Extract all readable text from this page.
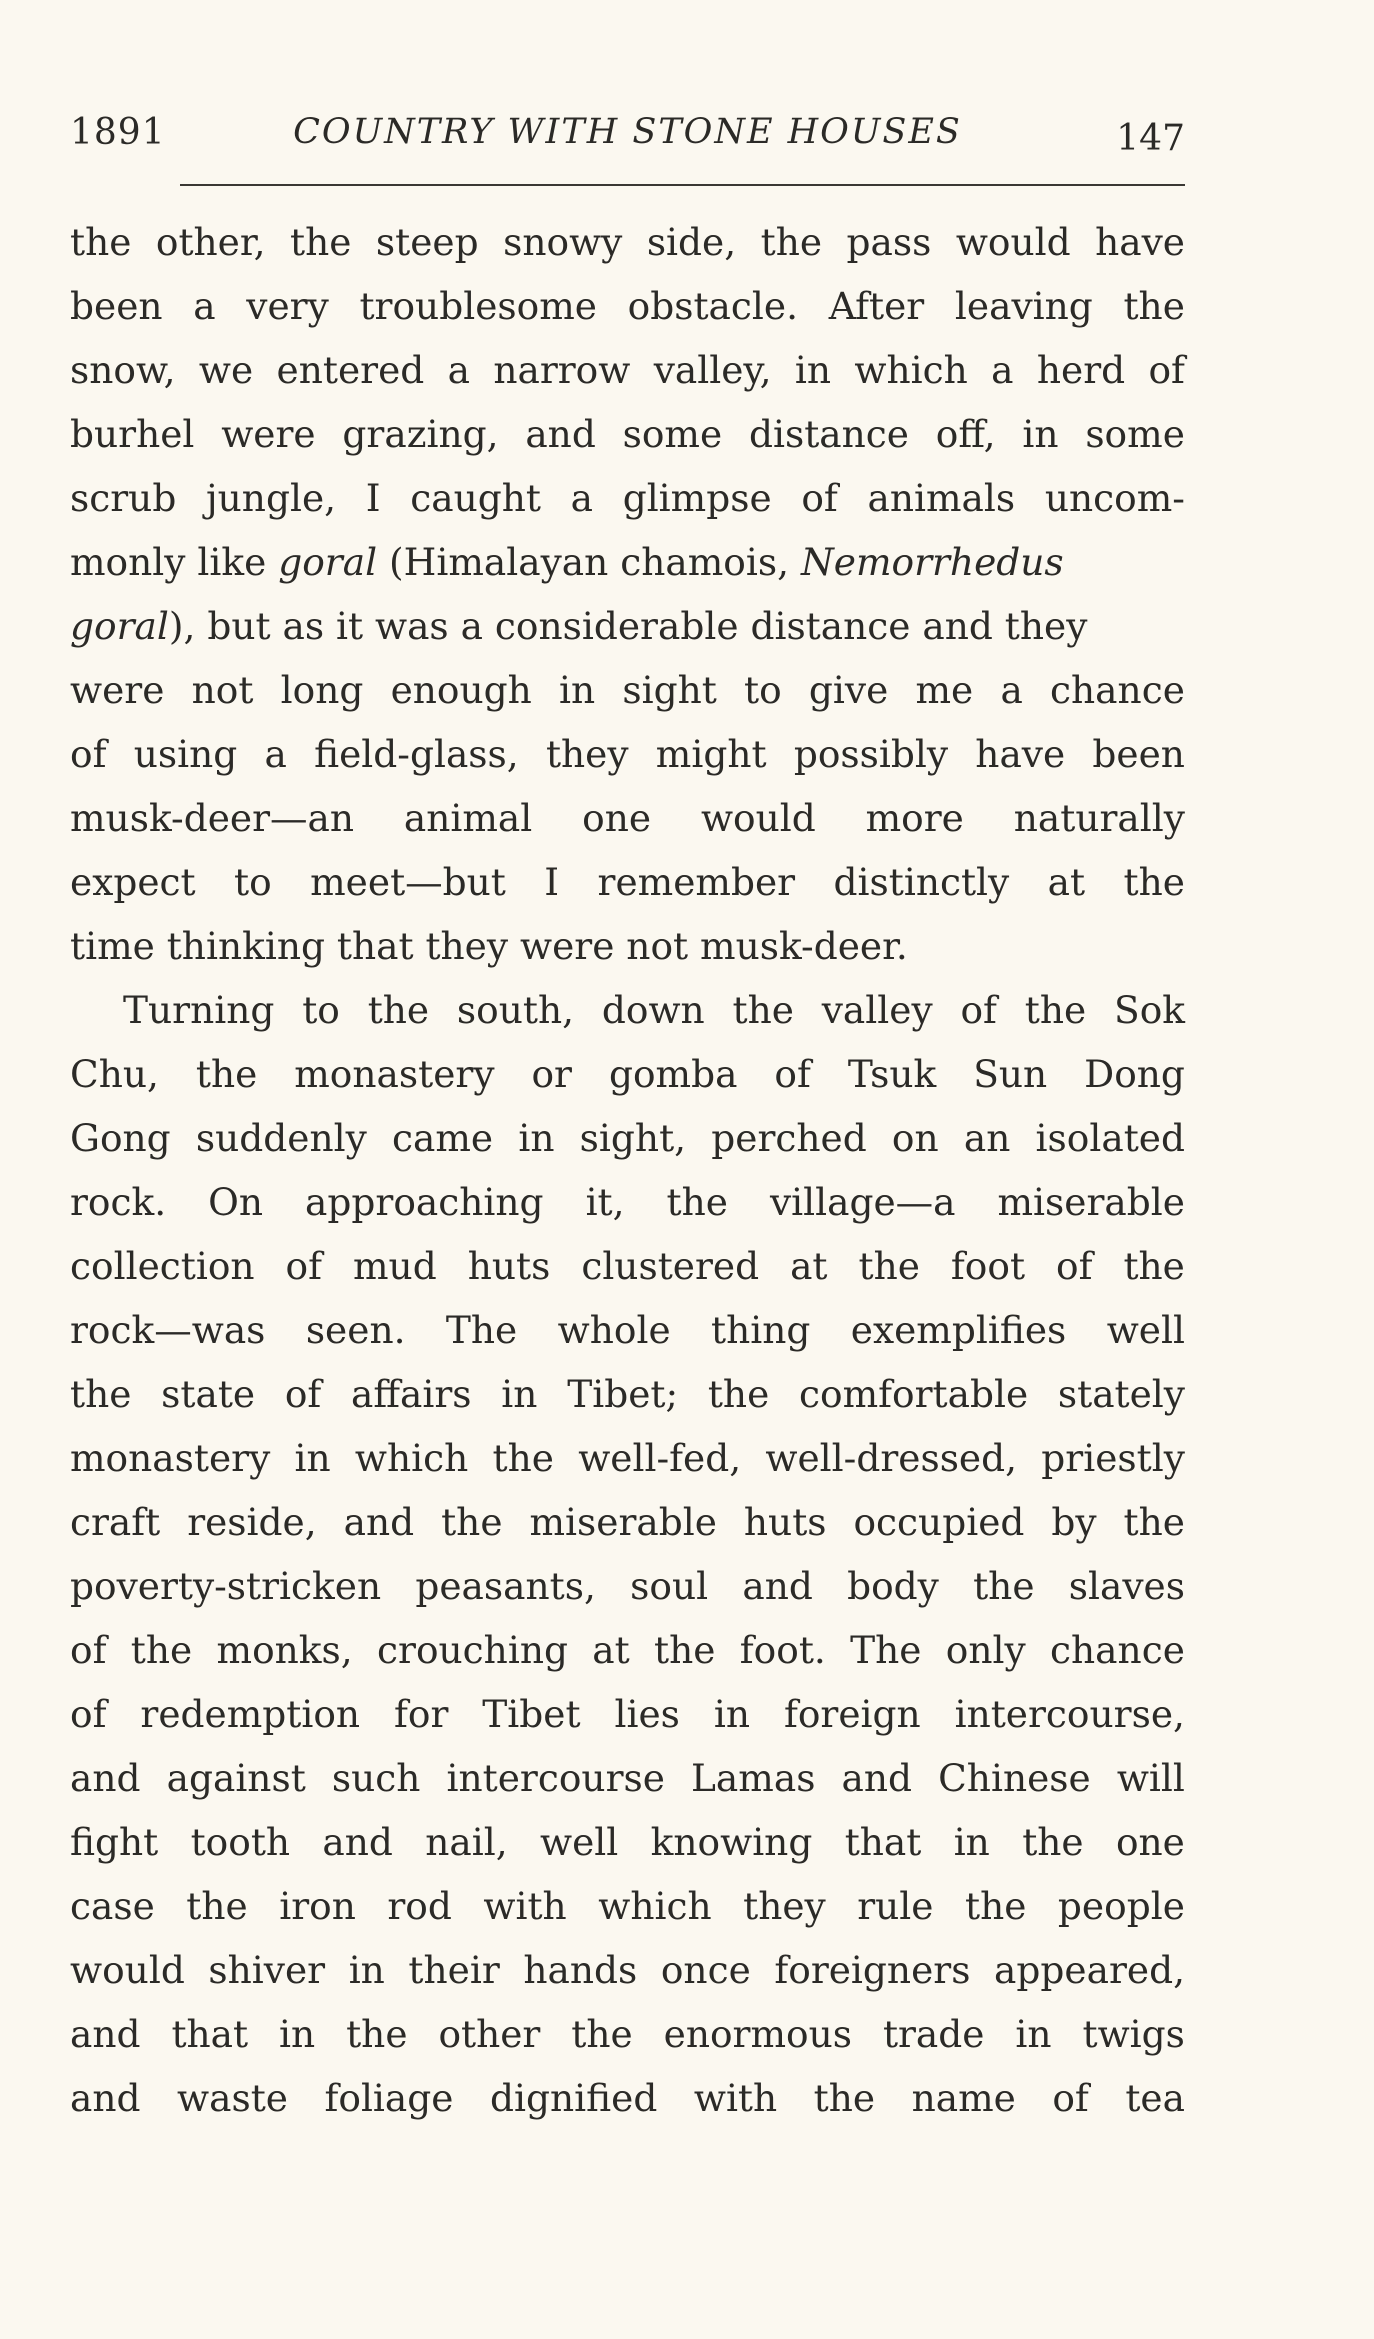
1891	COUNTRY WITH STONE HOUSES	147
the other, the steep snowy side, the pass would have
been a very troublesome obstacle. After leaving the
snow, we entered a narrow valley, in which a herd of
burhel were grazing, and some distance off, in some
scrub jungle, I caught a glimpse of animals uncom-
monly like goral (Himalayan chamois, Nemorrhedus
goral ), but as it was a considerable distance and they
were not long enough in sight to give me a chance
of using a field-glass, they might possibly have been
musk-deer—an animal one would more naturally
expect to meet—but I remember distinctly at the
time thinking that they were not musk-deer.
Turning to the south, down the valley of the Sok
Chu, the monastery or gomba of Tsuk Sun Dong
Gong suddenly came in sight, perched on an isolated
rock. On approaching it, the village—a miserable
collection of mud huts clustered at the foot of the
rock—was seen. The whole thing exemplifies well
the state of affairs in Tibet; the comfortable stately
monastery in which the well-fed, well-dressed, priestly
craft reside, and the miserable huts occupied by the
poverty-stricken peasants, soul and body the slaves
of the monks, crouching at the foot. The only chance
of redemption for Tibet lies in foreign intercourse,
and against such intercourse Lamas and Chinese will
fight tooth and nail, well knowing that in the one
case the iron rod with which they rule the people
would shiver in their hands once foreigners appeared,
and that in the other the enormous trade in twigs
and waste foliage dignified with the name of tea
